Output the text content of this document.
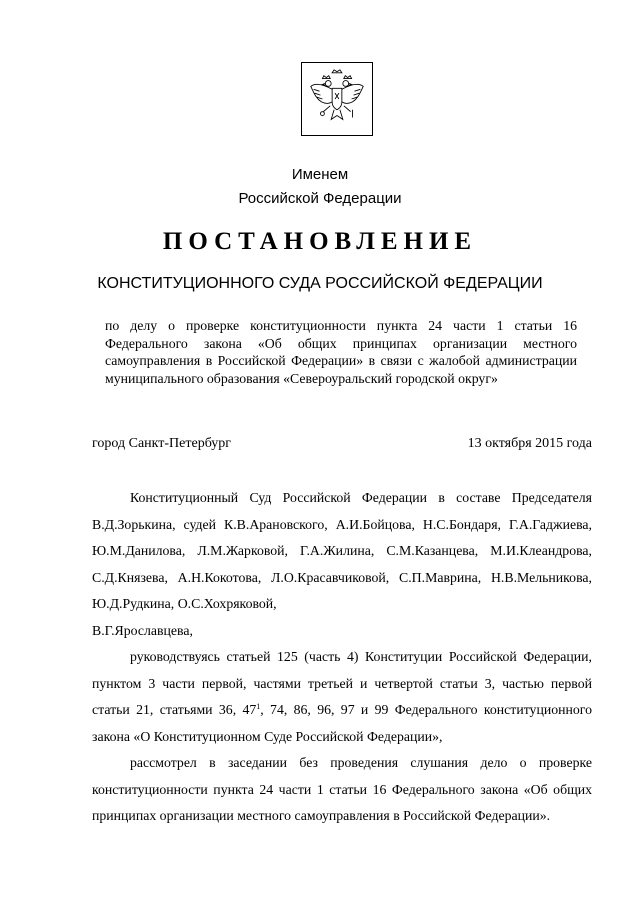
Именем
Российской Федерации
ПОСТАНОВЛЕНИЕ
КОНСТИТУЦИОННОГО СУДА РОССИЙСКОЙ ФЕДЕРАЦИИ
по делу о проверке конституционности пункта 24 части 1 статьи 16 Федерального закона «Об общих принципах организации местного самоуправления в Российской Федерации» в связи с жалобой администрации муниципального образования «Североуральский городской округ»
город Санкт-Петербург	13 октября 2015 года

Конституционный Суд Российской Федерации в составе Председателя В.Д.Зорькина, судей К.В.Арановского, А.И.Бойцова, Н.С.Бондаря, Г.А.Гаджиева, Ю.М.Данилова, Л.М.Жарковой, Г.А.Жилина, С.М.Казанцева, М.И.Клеандрова, С.Д.Князева, А.Н.Кокотова, Л.О.Красавчиковой, С.П.Маврина, Н.В.Мельникова, Ю.Д.Рудкина, О.С.Хохряковой,

В.Г.Ярославцева,

руководствуясь статьей 125 (часть 4) Конституции Российской Федерации, пунктом 3 части первой, частями третьей и четвертой статьи 3, частью первой статьи 21, статьями 36, $47^1$, 74, 86, 96, 97 и 99 Федерального конституционного закона «О Конституционном Суде Российской Федерации»,

рассмотрел в заседании без проведения слушания дело о проверке конституционности пункта 24 части 1 статьи 16 Федерального закона «Об общих принципах организации местного самоуправления в Российской Федерации».
